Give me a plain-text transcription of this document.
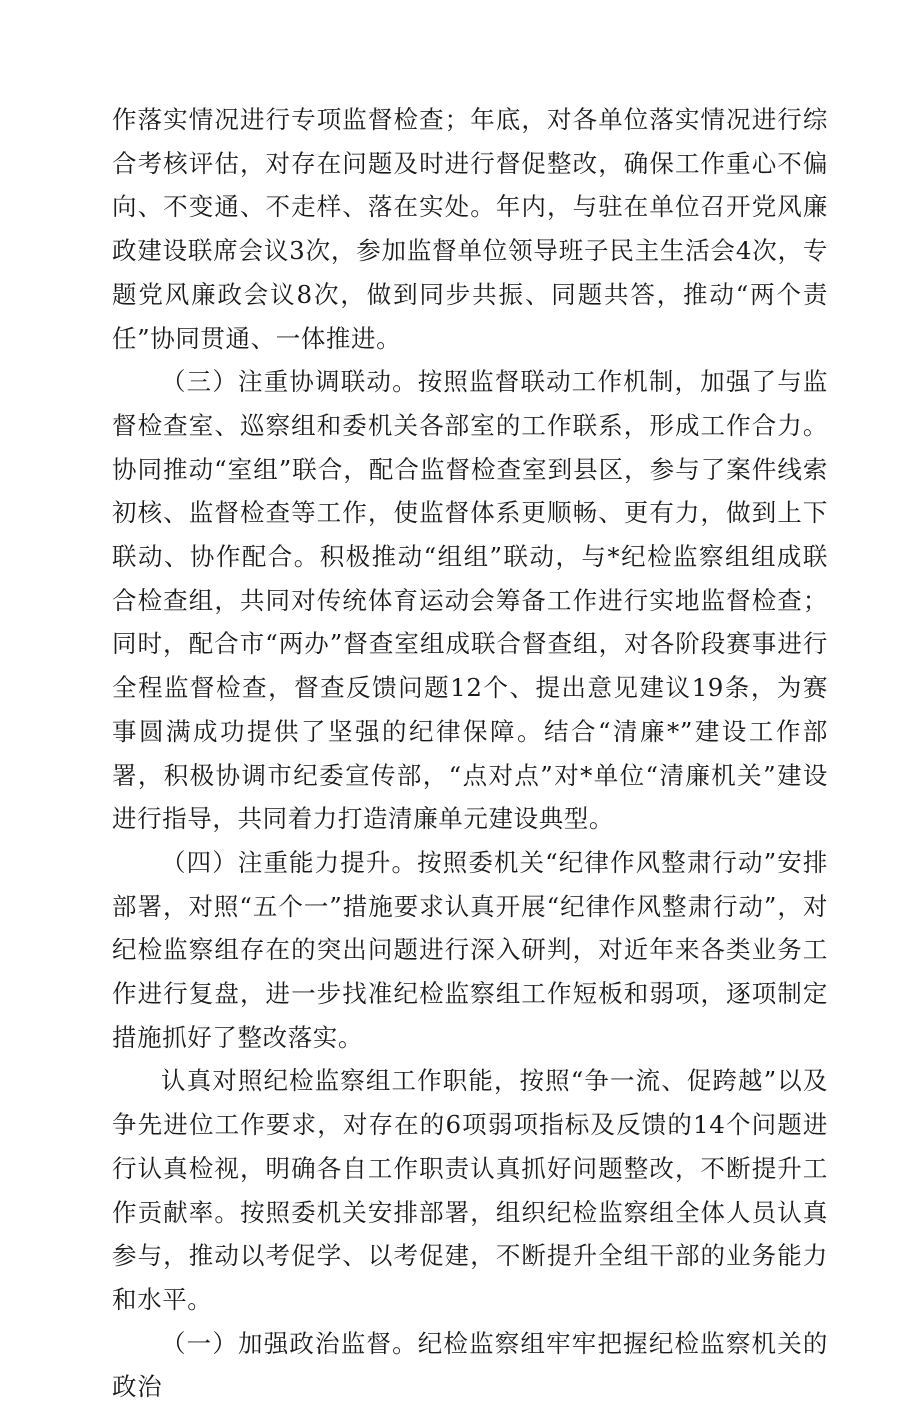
作落实情况进行专项监督检查；年底，对各单位落实情况进行综合考核评估，对存在问题及时进行督促整改，确保工作重心不偏向、不变通、不走样、落在实处。年内，与驻在单位召开党风廉政建设联席会议3次，参加监督单位领导班子民主生活会4次，专题党风廉政会议8次，做到同步共振、同题共答，推动“两个责任”协同贯通、一体推进。

（三）注重协调联动。按照监督联动工作机制，加强了与监督检查室、巡察组和委机关各部室的工作联系，形成工作合力。协同推动“室组”联合，配合监督检查室到县区，参与了案件线索初核、监督检查等工作，使监督体系更顺畅、更有力，做到上下联动、协作配合。积极推动“组组”联动，与*纪检监察组组成联合检查组，共同对传统体育运动会筹备工作进行实地监督检查；同时，配合市“两办”督查室组成联合督查组，对各阶段赛事进行全程监督检查，督查反馈问题12个、提出意见建议19条，为赛事圆满成功提供了坚强的纪律保障。结合“清廉*”建设工作部署，积极协调市纪委宣传部，“点对点”对*单位“清廉机关”建设进行指导，共同着力打造清廉单元建设典型。

（四）注重能力提升。按照委机关“纪律作风整肃行动”安排部署，对照“五个一”措施要求认真开展“纪律作风整肃行动”，对纪检监察组存在的突出问题进行深入研判，对近年来各类业务工作进行复盘，进一步找准纪检监察组工作短板和弱项，逐项制定措施抓好了整改落实。

认真对照纪检监察组工作职能，按照“争一流、促跨越”以及争先进位工作要求，对存在的6项弱项指标及反馈的14个问题进行认真检视，明确各自工作职责认真抓好问题整改，不断提升工作贡献率。按照委机关安排部署，组织纪检监察组全体人员认真参与，推动以考促学、以考促建，不断提升全组干部的业务能力和水平。

（一）加强政治监督。纪检监察组牢牢把握纪检监察机关的政治
